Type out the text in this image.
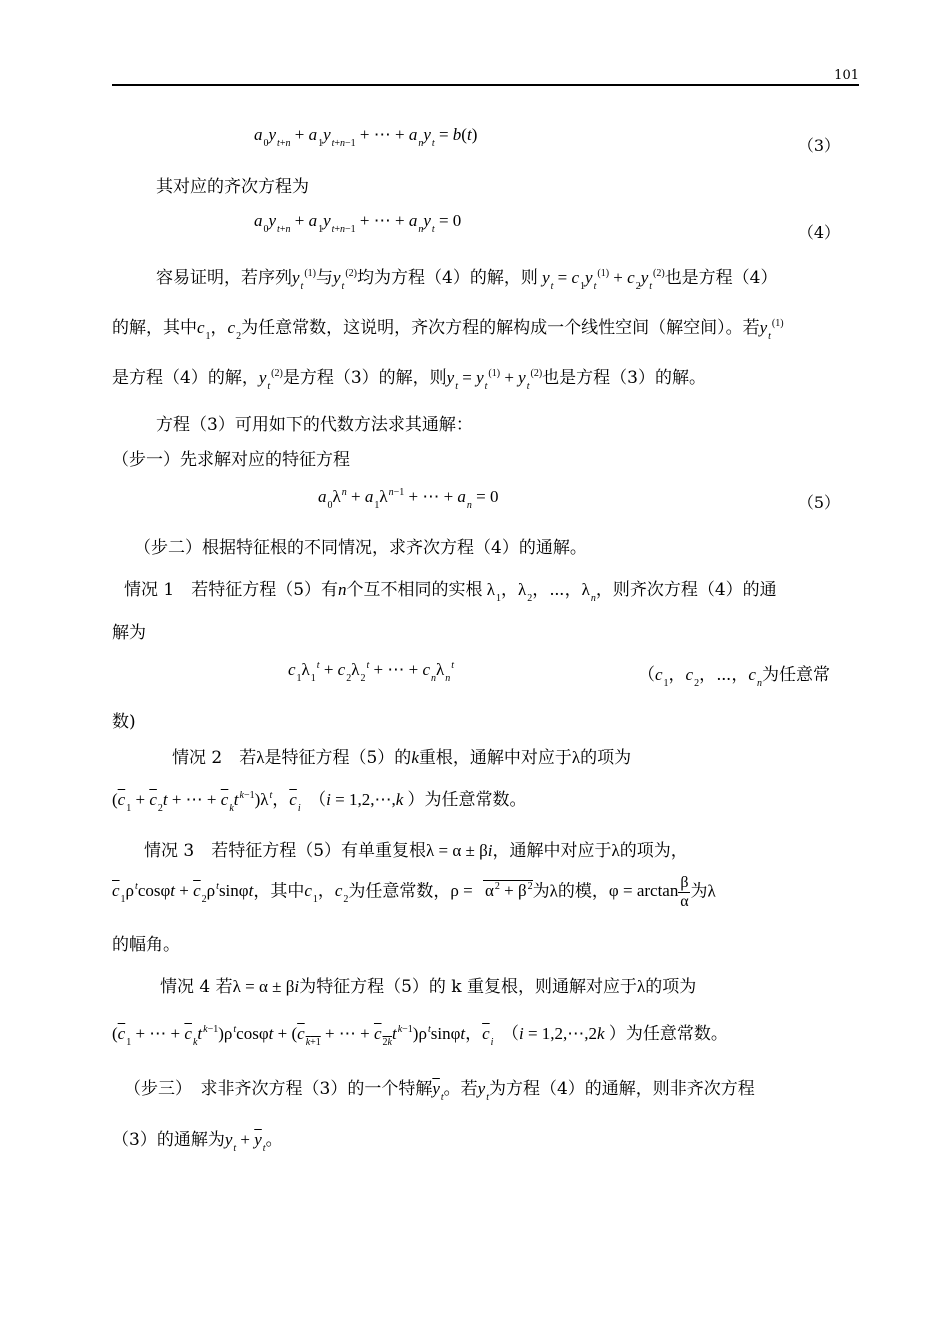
101
$a_0y_{t+n} + a_1y_{t+n-1}$ + ⋯ + $a_ny_t = b(t)$
（3）
其对应的齐次方程为
$a_0y_{t+n} + a_1y_{t+n-1}$ + ⋯ + $a_ny_t = 0$
（4）
容易证明，若序列$y_t^{(1)}$与$y_t^{(2)}$均为方程（4）的解，则 $y_t = c_1y_t^{(1)} + c_2y_t^{(2)}$也是方程（4）
的解，其中$c_1$，$c_2$为任意常数，这说明，齐次方程的解构成一个线性空间（解空间）。若$y_t^{(1)}$
是方程（4）的解，$y_t^{(2)}$是方程（3）的解，则$y_t = y_t^{(1)} + y_t^{(2)}$也是方程（3）的解。
方程（3）可用如下的代数方法求其通解：
（步一）先求解对应的特征方程
$a_0\lambda^n + a_1\lambda^{n-1}$ + ⋯ + $a_n = 0$	（5）
（步二）根据特征根的不同情况，求齐次方程（4）的通解。
情况 1　若特征方程（5）有n个互不相同的实根 $\lambda_1$，$\lambda_2$，⋯，$\lambda_n$，则齐次方程（4）的通
解为
$c_1\lambda_1^t + c_2\lambda_2^t$ + ⋯ + $c_n\lambda_n^t$	（$c_1$，$c_2$，⋯，$c_n$为任意常
数)
情况 2　若λ是特征方程（5）的k重根，通解中对应于λ的项为
($\overline{c}_1 + \overline{c}_2t$ + ⋯ + $\overline{c}_kt^{k-1})\lambda^t$，$\overline{c}_i$　（i = 1,2,⋯,k ）为任意常数。
情况 3　若特征方程（5）有单重复根λ = α ± βi，通解中对应于λ的项为，
$\overline{c}_1\rho^t\cos\varphi t + \overline{c}_2\rho^t\sin\varphi t$，其中$c_1$，$c_2$为任意常数，$\rho = \alpha^2 + \beta^2$为λ的模，$\varphi = \arctan \frac{\beta}{\alpha}$ 为λ
的幅角。
情况 4 若λ = α ± βi为特征方程（5）的 k 重复根，则通解对应于λ的项为
($\overline{c}_1$ + ⋯ + $\overline{c}_kt^{k-1})\rho^t\cos\varphi t + (c_{k+1}$ + ⋯ + $c_{2k}t^{k-1})\rho^t\sin\varphi t$，$\overline{c}_i$　（i = 1,2,⋯,2k ）为任意常数。
（步三）　求非齐次方程（3）的一个特解$\overline{y}_t$。若$y_t$为方程（4）的通解，则非齐次方程
（3）的通解为$y_t + \overline{y}_t$。
